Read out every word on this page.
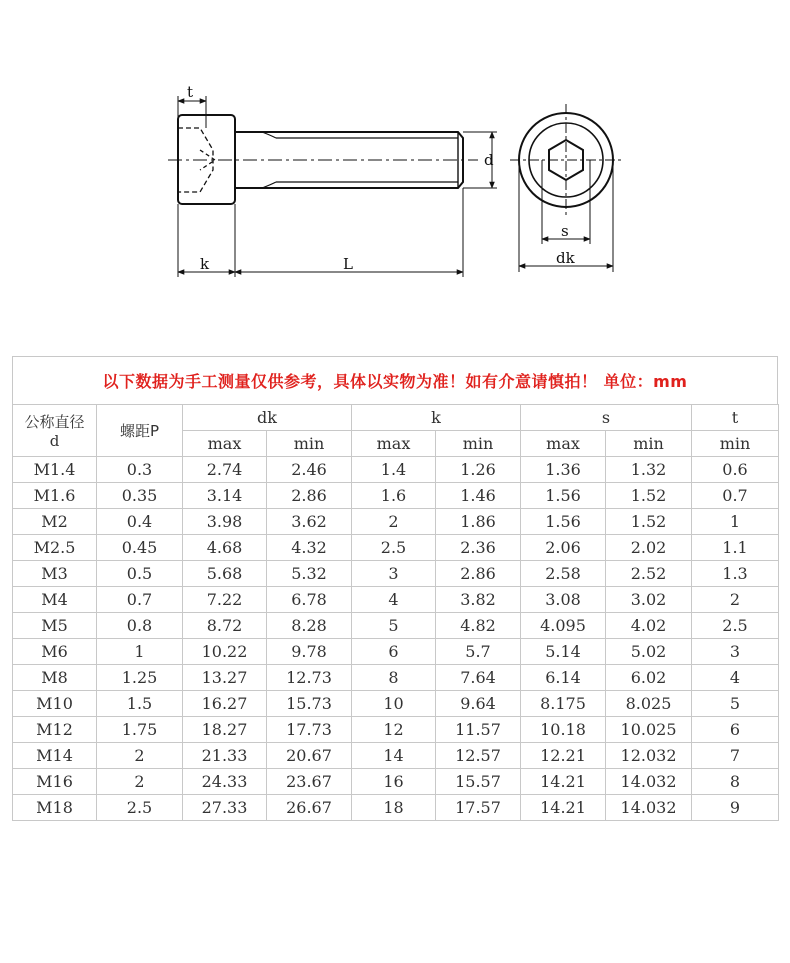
t
k	L
d
s
dk
以下数据为手工测量仅供参考，具体以实物为准！如有介意请慎拍！ 单位：mm
公称直径
d	螺距P	dk		k		s		t
		max	min	max	min	max	min	min
M1.4	0.3	2.74	2.46	1.4	1.26	1.36	1.32	0.6
M1.6	0.35	3.14	2.86	1.6	1.46	1.56	1.52	0.7
M2	0.4	3.98	3.62	2	1.86	1.56	1.52	1
M2.5	0.45	4.68	4.32	2.5	2.36	2.06	2.02	1.1
M3	0.5	5.68	5.32	3	2.86	2.58	2.52	1.3
M4	0.7	7.22	6.78	4	3.82	3.08	3.02	2
M5	0.8	8.72	8.28	5	4.82	4.095	4.02	2.5
M6	1	10.22	9.78	6	5.7	5.14	5.02	3
M8	1.25	13.27	12.73	8	7.64	6.14	6.02	4
M10	1.5	16.27	15.73	10	9.64	8.175	8.025	5
M12	1.75	18.27	17.73	12	11.57	10.18	10.025	6
M14	2	21.33	20.67	14	12.57	12.21	12.032	7
M16	2	24.33	23.67	16	15.57	14.21	14.032	8
M18	2.5	27.33	26.67	18	17.57	14.21	14.032	9
